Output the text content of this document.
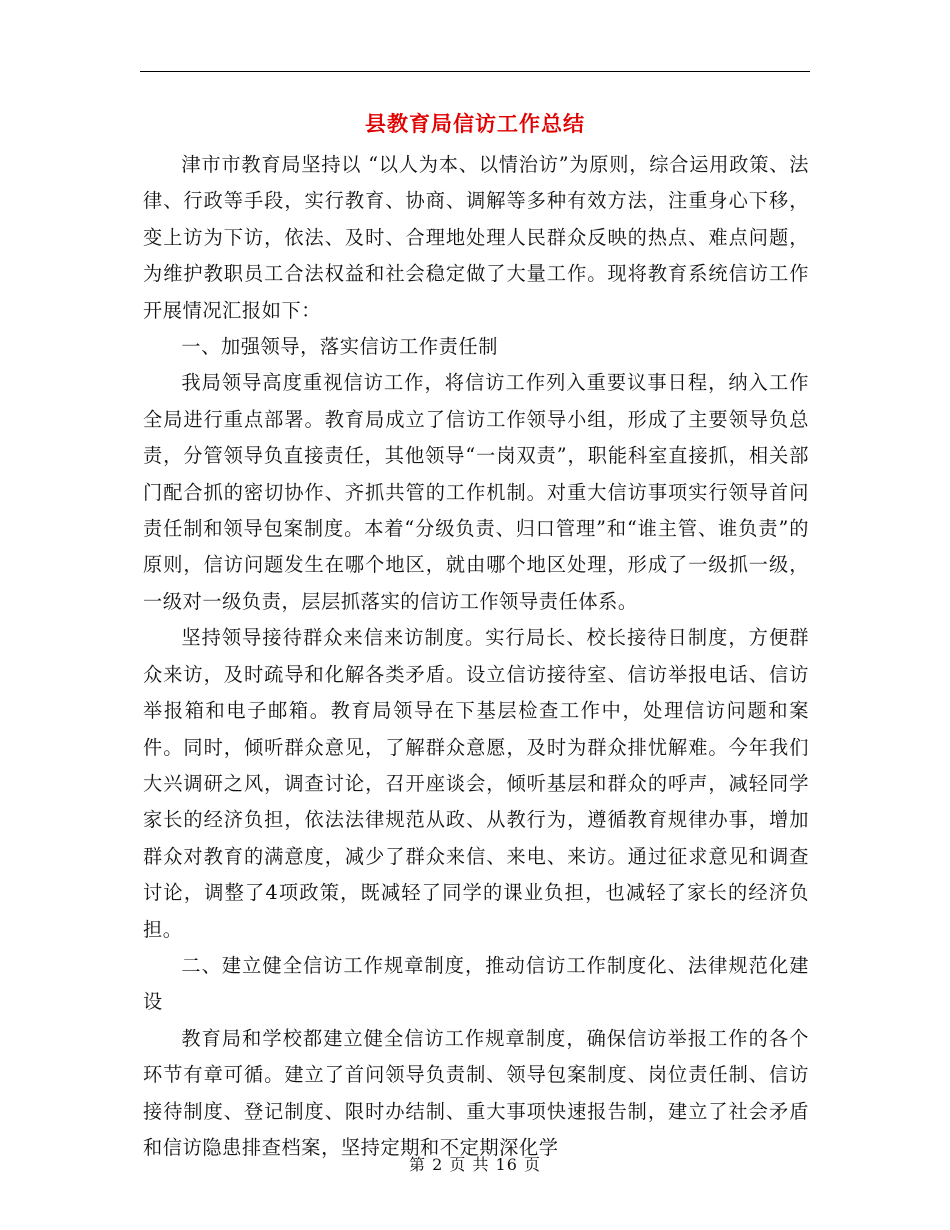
县教育局信访工作总结

津市市教育局坚持以 “以人为本、以情治访”为原则，综合运用政策、法律、行政等手段，实行教育、协商、调解等多种有效方法，注重身心下移，变上访为下访，依法、及时、合理地处理人民群众反映的热点、难点问题，为维护教职员工合法权益和社会稳定做了大量工作。现将教育系统信访工作开展情况汇报如下：

一、加强领导，落实信访工作责任制

我局领导高度重视信访工作，将信访工作列入重要议事日程，纳入工作全局进行重点部署。教育局成立了信访工作领导小组，形成了主要领导负总责，分管领导负直接责任，其他领导“一岗双责”，职能科室直接抓，相关部门配合抓的密切协作、齐抓共管的工作机制。对重大信访事项实行领导首问责任制和领导包案制度。本着“分级负责、归口管理”和“谁主管、谁负责”的原则，信访问题发生在哪个地区，就由哪个地区处理，形成了一级抓一级，一级对一级负责，层层抓落实的信访工作领导责任体系。

坚持领导接待群众来信来访制度。实行局长、校长接待日制度，方便群众来访，及时疏导和化解各类矛盾。设立信访接待室、信访举报电话、信访举报箱和电子邮箱。教育局领导在下基层检查工作中，处理信访问题和案件。同时，倾听群众意见，了解群众意愿，及时为群众排忧解难。今年我们大兴调研之风，调查讨论，召开座谈会，倾听基层和群众的呼声，减轻同学家长的经济负担，依法法律规范从政、从教行为，遵循教育规律办事，增加群众对教育的满意度，减少了群众来信、来电、来访。通过征求意见和调查讨论，调整了4项政策，既减轻了同学的课业负担，也减轻了家长的经济负担。

二、建立健全信访工作规章制度，推动信访工作制度化、法律规范化建设

教育局和学校都建立健全信访工作规章制度，确保信访举报工作的各个环节有章可循。建立了首问领导负责制、领导包案制度、岗位责任制、信访接待制度、登记制度、限时办结制、重大事项快速报告制，建立了社会矛盾和信访隐患排查档案，坚持定期和不定期深化学

第 2 页 共 16 页
